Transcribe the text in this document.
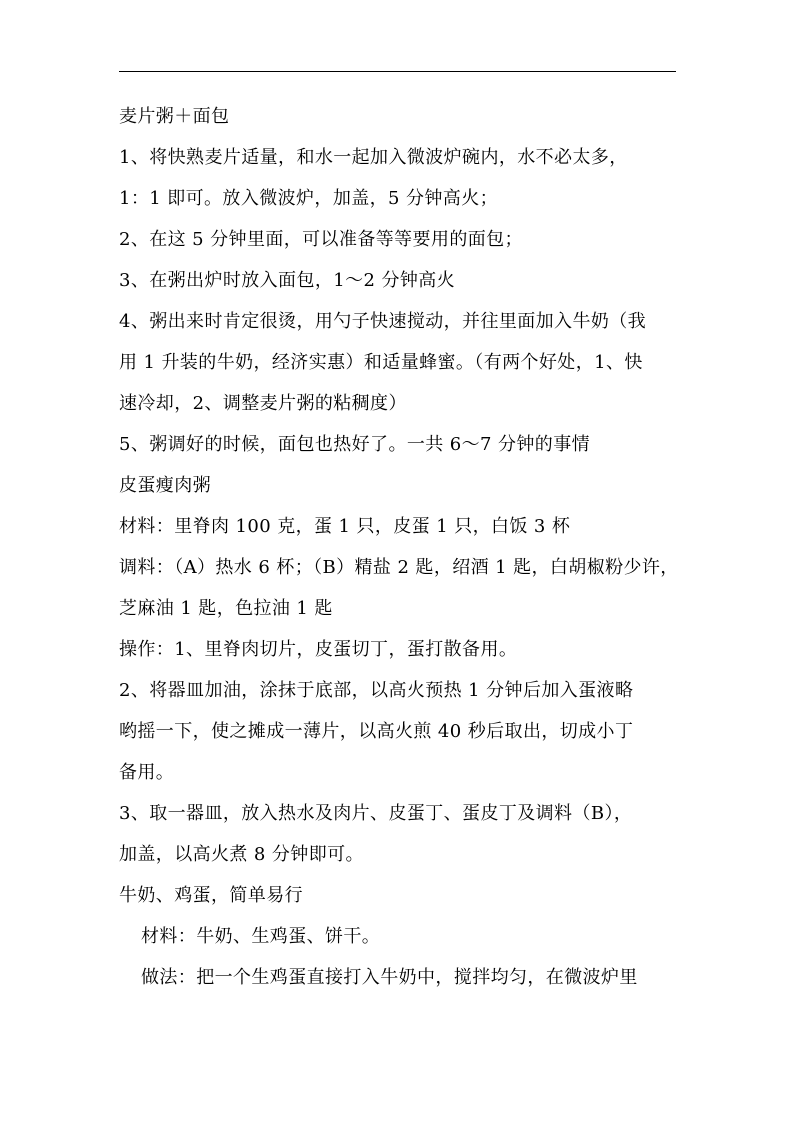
麦片粥＋面包
1、将快熟麦片适量，和水一起加入微波炉碗内，水不必太多，
1：1 即可。放入微波炉，加盖，5 分钟高火；
2、在这 5 分钟里面，可以准备等等要用的面包；
3、在粥出炉时放入面包，1～2 分钟高火
4、粥出来时肯定很烫，用勺子快速搅动，并往里面加入牛奶（我
用 1 升装的牛奶，经济实惠）和适量蜂蜜。（有两个好处，1、快
速冷却，2、调整麦片粥的粘稠度）
5、粥调好的时候，面包也热好了。一共 6～7 分钟的事情
皮蛋瘦肉粥
材料：里脊肉 100 克，蛋 1 只，皮蛋 1 只，白饭 3 杯
调料：（A）热水 6 杯；（B）精盐 2 匙，绍酒 1 匙，白胡椒粉少许，
芝麻油 1 匙，色拉油 1 匙
操作：1、里脊肉切片，皮蛋切丁，蛋打散备用。
2、将器皿加油，涂抹于底部，以高火预热 1 分钟后加入蛋液略
哟摇一下，使之摊成一薄片，以高火煎 40 秒后取出，切成小丁
备用。
3、取一器皿，放入热水及肉片、皮蛋丁、蛋皮丁及调料（B），
加盖，以高火煮 8 分钟即可。
牛奶、鸡蛋，简单易行
材料：牛奶、生鸡蛋、饼干。
做法：把一个生鸡蛋直接打入牛奶中，搅拌均匀，在微波炉里
